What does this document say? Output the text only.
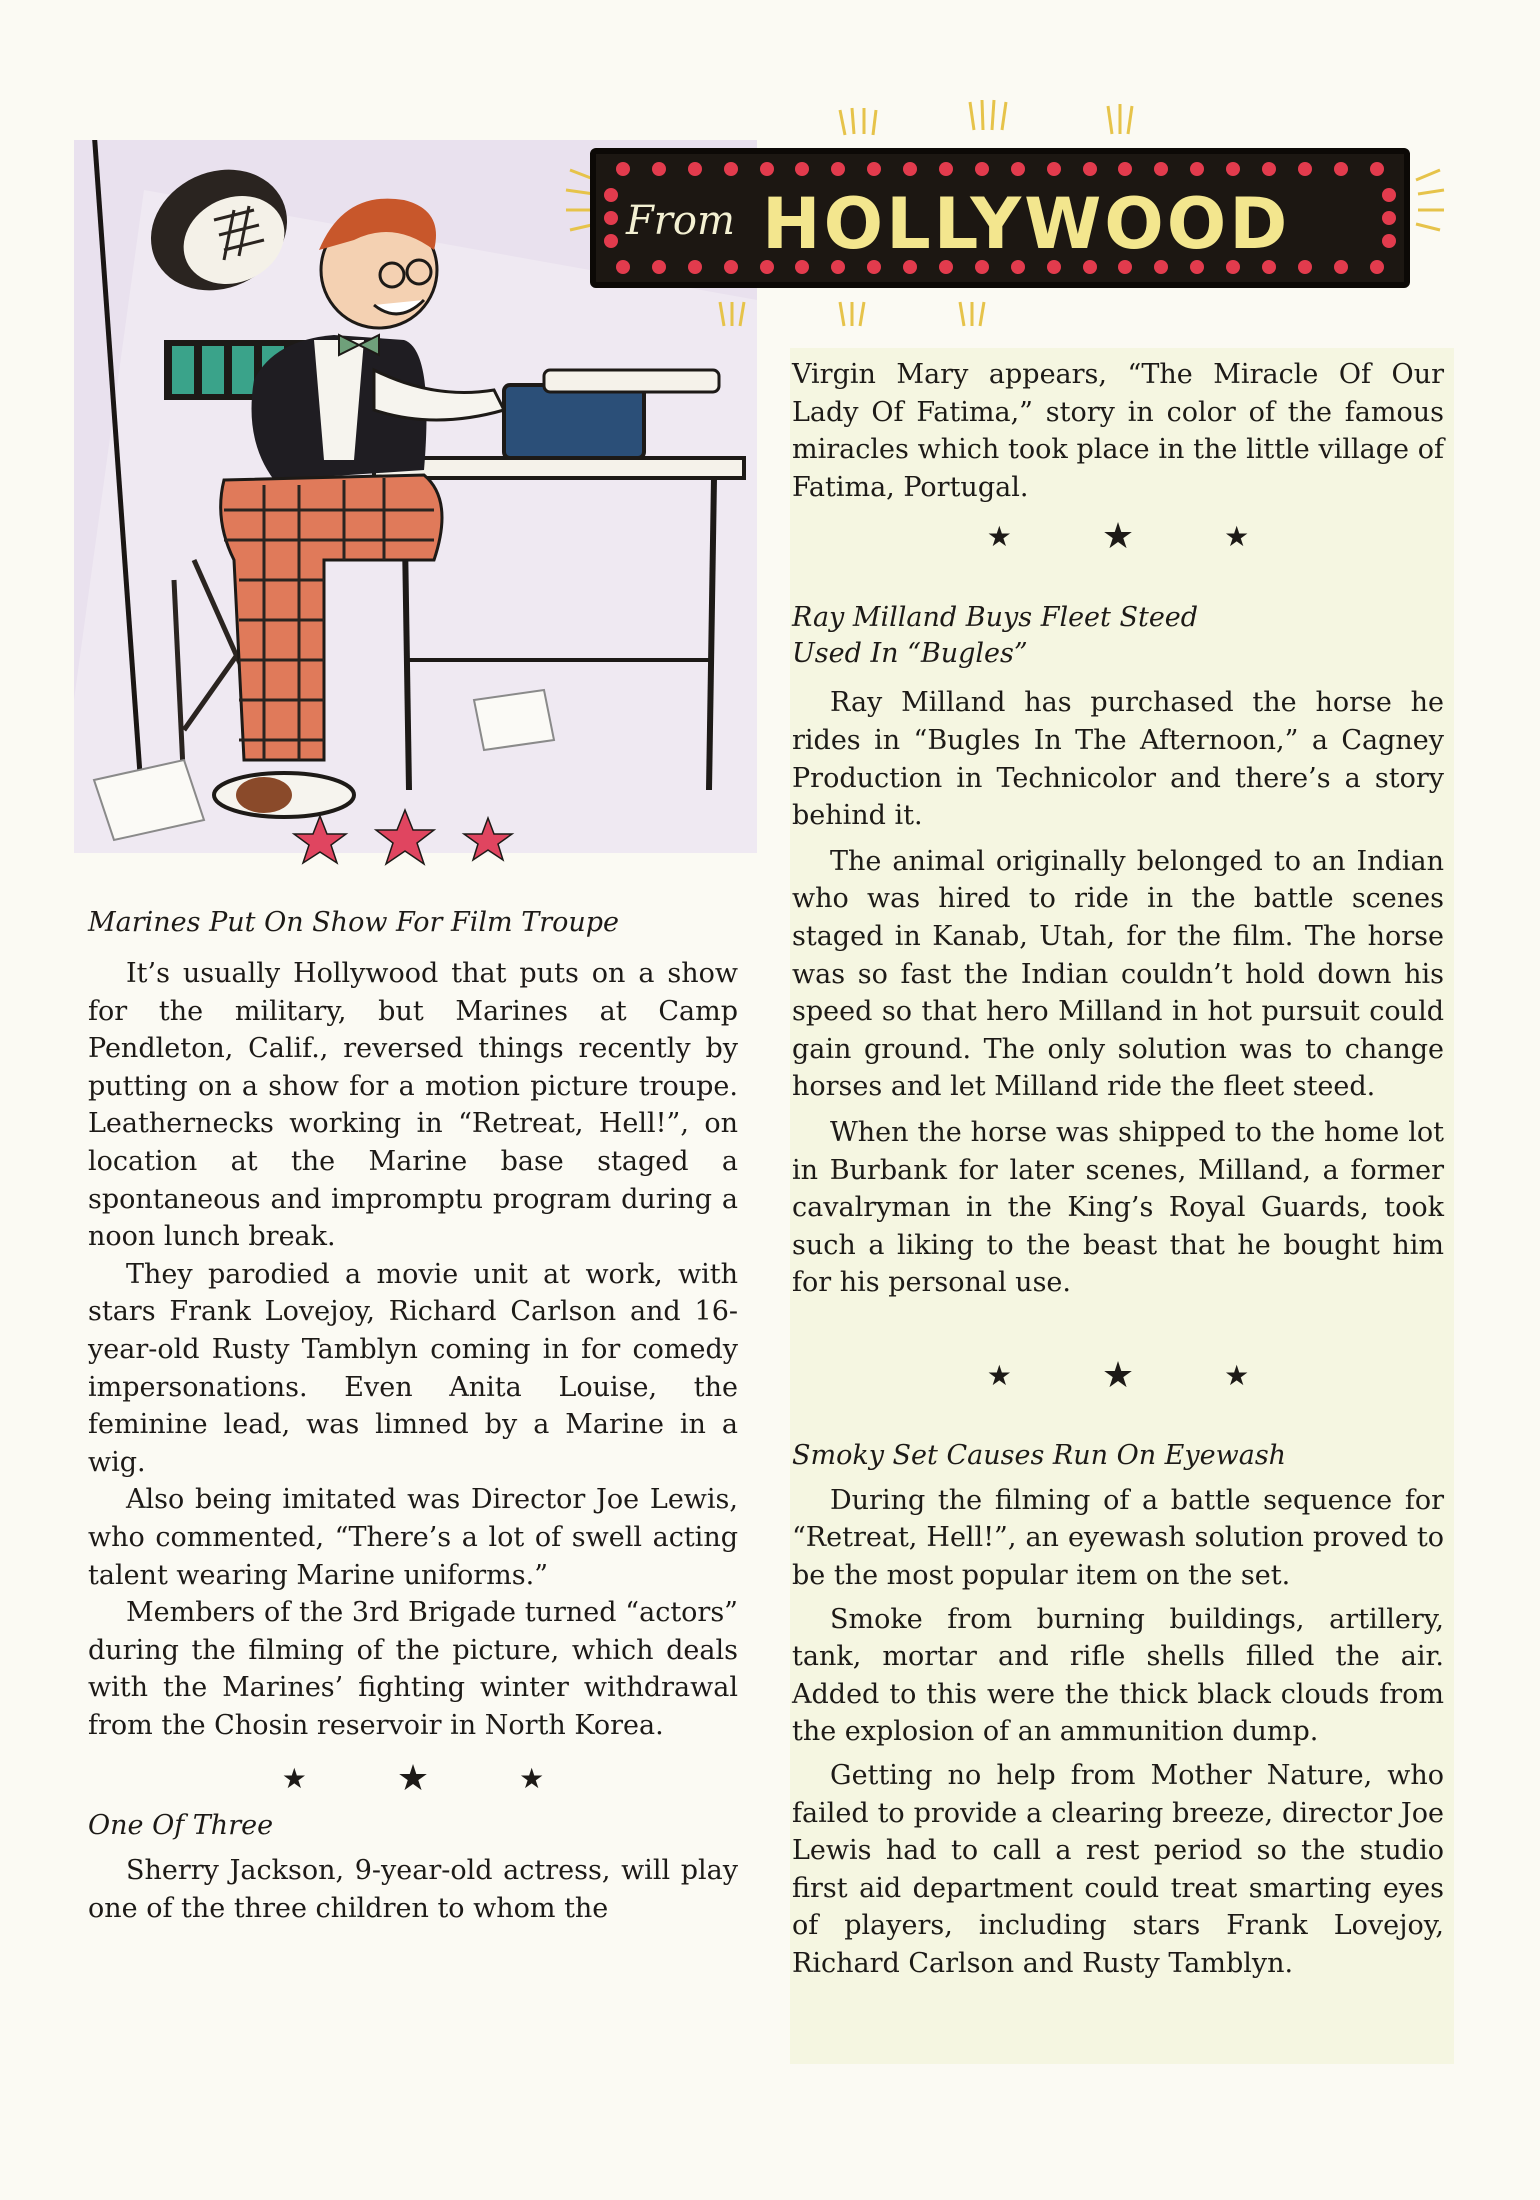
From HOLLYWOOD

Marines Put On Show For Film Troupe

It’s usually Hollywood that puts on a show for the military, but Marines at Camp Pendleton, Calif., reversed things recently by putting on a show for a motion picture troupe. Leathernecks working in “Retreat, Hell!”, on location at the Marine base staged a spontaneous and impromptu program during a noon lunch break.

They parodied a movie unit at work, with stars Frank Lovejoy, Richard Carlson and 16-year-old Rusty Tamblyn coming in for comedy impersonations. Even Anita Louise, the feminine lead, was limned by a Marine in a wig.

Also being imitated was Director Joe Lewis, who commented, “There’s a lot of swell acting talent wearing Marine uniforms.”

Members of the 3rd Brigade turned “actors” during the filming of the picture, which deals with the Marines’ fighting winter withdrawal from the Chosin reservoir in North Korea.

★	★	★

One Of Three

Sherry Jackson, 9-year-old actress, will play one of the three children to whom the

Virgin Mary appears, “The Miracle Of Our Lady Of Fatima,” story in color of the famous miracles which took place in the little village of Fatima, Portugal.

★	★	★

Ray Milland Buys Fleet Steed

Used In “Bugles”

Ray Milland has purchased the horse he rides in “Bugles In The Afternoon,” a Cagney Production in Technicolor and there’s a story behind it.

The animal originally belonged to an Indian who was hired to ride in the battle scenes staged in Kanab, Utah, for the film. The horse was so fast the Indian couldn’t hold down his speed so that hero Milland in hot pursuit could gain ground. The only solution was to change horses and let Milland ride the fleet steed.

When the horse was shipped to the home lot in Burbank for later scenes, Milland, a former cavalryman in the King’s Royal Guards, took such a liking to the beast that he bought him for his personal use.

★	★	★

Smoky Set Causes Run On Eyewash

During the filming of a battle sequence for “Retreat, Hell!”, an eyewash solution proved to be the most popular item on the set.

Smoke from burning buildings, artillery, tank, mortar and rifle shells filled the air. Added to this were the thick black clouds from the explosion of an ammunition dump.

Getting no help from Mother Nature, who failed to provide a clearing breeze, director Joe Lewis had to call a rest period so the studio first aid department could treat smarting eyes of players, including stars Frank Lovejoy, Richard Carlson and Rusty Tamblyn.
